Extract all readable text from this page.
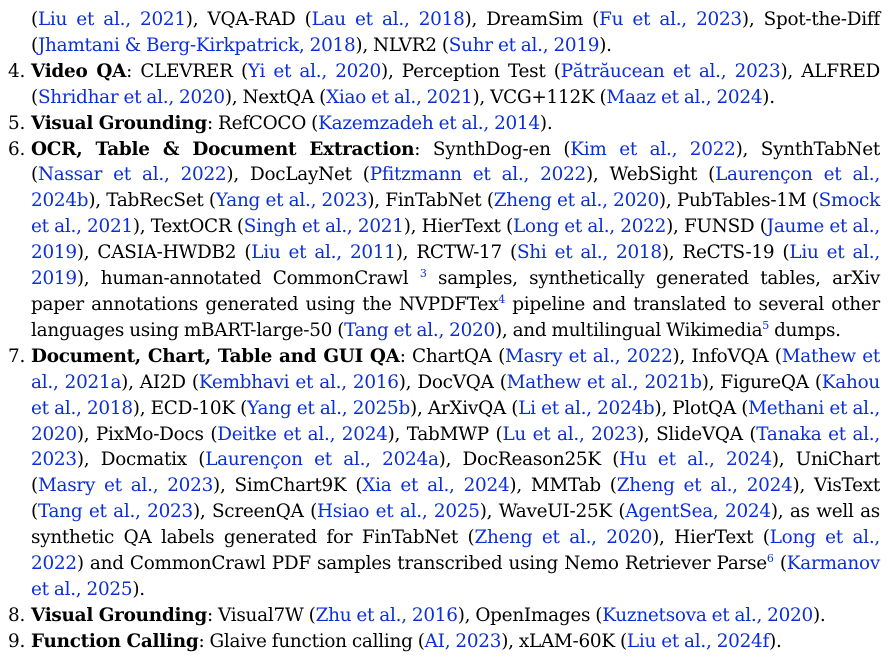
(Liu et al., 2021), VQA-RAD (Lau et al., 2018), DreamSim (Fu et al., 2023), Spot-the-Diff (Jhamtani & Berg-Kirkpatrick, 2018), NLVR2 (Suhr et al., 2019).
4. Video QA: CLEVRER (Yi et al., 2020), Perception Test (Pătrăucean et al., 2023), ALFRED (Shridhar et al., 2020), NextQA (Xiao et al., 2021), VCG+112K (Maaz et al., 2024).
5. Visual Grounding: RefCOCO (Kazemzadeh et al., 2014).
6. OCR, Table & Document Extraction: SynthDog-en (Kim et al., 2022), SynthTabNet (Nassar et al., 2022), DocLayNet (Pfitzmann et al., 2022), WebSight (Laurençon et al., 2024b), TabRecSet (Yang et al., 2023), FinTabNet (Zheng et al., 2020), PubTables-1M (Smock et al., 2021), TextOCR (Singh et al., 2021), HierText (Long et al., 2022), FUNSD (Jaume et al., 2019), CASIA-HWDB2 (Liu et al., 2011), RCTW-17 (Shi et al., 2018), ReCTS-19 (Liu et al., 2019), human-annotated CommonCrawl $^3$ samples, synthetically generated tables, arXiv paper annotations generated using the NVPDFTex$^4$ pipeline and translated to several other languages using mBART-large-50 (Tang et al., 2020), and multilingual Wikimedia$^5$ dumps.
7. Document, Chart, Table and GUI QA: ChartQA (Masry et al., 2022), InfoVQA (Mathew et al., 2021a), AI2D (Kembhavi et al., 2016), DocVQA (Mathew et al., 2021b), FigureQA (Kahou et al., 2018), ECD-10K (Yang et al., 2025b), ArXivQA (Li et al., 2024b), PlotQA (Methani et al., 2020), PixMo-Docs (Deitke et al., 2024), TabMWP (Lu et al., 2023), SlideVQA (Tanaka et al., 2023), Docmatix (Laurençon et al., 2024a), DocReason25K (Hu et al., 2024), UniChart (Masry et al., 2023), SimChart9K (Xia et al., 2024), MMTab (Zheng et al., 2024), VisText (Tang et al., 2023), ScreenQA (Hsiao et al., 2025), WaveUI-25K (AgentSea, 2024), as well as synthetic QA labels generated for FinTabNet (Zheng et al., 2020), HierText (Long et al., 2022) and CommonCrawl PDF samples transcribed using Nemo Retriever Parse$^6$ (Karmanov et al., 2025).
8. Visual Grounding: Visual7W (Zhu et al., 2016), OpenImages (Kuznetsova et al., 2020).
9. Function Calling: Glaive function calling (AI, 2023), xLAM-60K (Liu et al., 2024f).
